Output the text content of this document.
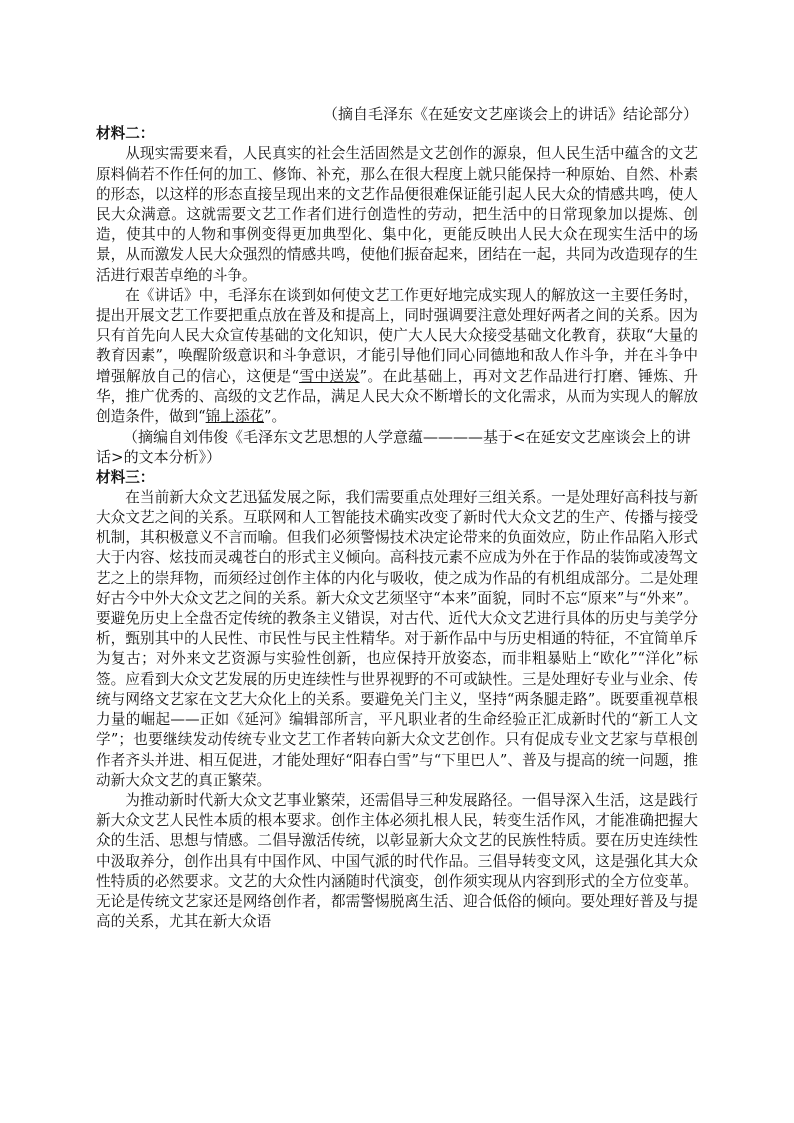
（摘自毛泽东《在延安文艺座谈会上的讲话》结论部分）

材料二：

从现实需要来看，人民真实的社会生活固然是文艺创作的源泉，但人民生活中蕴含的文艺原料倘若不作任何的加工、修饰、补充，那么在很大程度上就只能保持一种原始、自然、朴素的形态，以这样的形态直接呈现出来的文艺作品便很难保证能引起人民大众的情感共鸣，使人民大众满意。这就需要文艺工作者们进行创造性的劳动，把生活中的日常现象加以提炼、创造，使其中的人物和事例变得更加典型化、集中化，更能反映出人民大众在现实生活中的场景，从而激发人民大众强烈的情感共鸣，使他们振奋起来，团结在一起，共同为改造现存的生活进行艰苦卓绝的斗争。

在《讲话》中，毛泽东在谈到如何使文艺工作更好地完成实现人的解放这一主要任务时，提出开展文艺工作要把重点放在普及和提高上，同时强调要注意处理好两者之间的关系。因为只有首先向人民大众宣传基础的文化知识，使广大人民大众接受基础文化教育，获取“大量的教育因素”，唤醒阶级意识和斗争意识，才能引导他们同心同德地和敌人作斗争，并在斗争中增强解放自己的信心，这便是“雪中送炭”。在此基础上，再对文艺作品进行打磨、锤炼、升华，推广优秀的、高级的文艺作品，满足人民大众不断增长的文化需求，从而为实现人的解放创造条件，做到“锦上添花”。

（摘编自刘伟俊《毛泽东文艺思想的人学意蕴————基于<在延安文艺座谈会上的讲话>的文本分析》）

材料三：

在当前新大众文艺迅猛发展之际，我们需要重点处理好三组关系。一是处理好高科技与新大众文艺之间的关系。互联网和人工智能技术确实改变了新时代大众文艺的生产、传播与接受机制，其积极意义不言而喻。但我们必须警惕技术决定论带来的负面效应，防止作品陷入形式大于内容、炫技而灵魂苍白的形式主义倾向。高科技元素不应成为外在于作品的装饰或凌驾文艺之上的崇拜物，而须经过创作主体的内化与吸收，使之成为作品的有机组成部分。二是处理好古今中外大众文艺之间的关系。新大众文艺须坚守“本来”面貌，同时不忘“原来”与“外来”。要避免历史上全盘否定传统的教条主义错误，对古代、近代大众文艺进行具体的历史与美学分析，甄别其中的人民性、市民性与民主性精华。对于新作品中与历史相通的特征，不宜简单斥为复古；对外来文艺资源与实验性创新，也应保持开放姿态，而非粗暴贴上“欧化”“洋化”标签。应看到大众文艺发展的历史连续性与世界视野的不可或缺性。三是处理好专业与业余、传统与网络文艺家在文艺大众化上的关系。要避免关门主义，坚持“两条腿走路”。既要重视草根力量的崛起——正如《延河》编辑部所言，平凡职业者的生命经验正汇成新时代的“新工人文学”；也要继续发动传统专业文艺工作者转向新大众文艺创作。只有促成专业文艺家与草根创作者齐头并进、相互促进，才能处理好“阳春白雪”与“下里巴人”、普及与提高的统一问题，推动新大众文艺的真正繁荣。

为推动新时代新大众文艺事业繁荣，还需倡导三种发展路径。一倡导深入生活，这是践行新大众文艺人民性本质的根本要求。创作主体必须扎根人民，转变生活作风，才能准确把握大众的生活、思想与情感。二倡导激活传统，以彰显新大众文艺的民族性特质。要在历史连续性中汲取养分，创作出具有中国作风、中国气派的时代作品。三倡导转变文风，这是强化其大众性特质的必然要求。文艺的大众性内涵随时代演变，创作须实现从内容到形式的全方位变革。无论是传统文艺家还是网络创作者，都需警惕脱离生活、迎合低俗的倾向。要处理好普及与提高的关系，尤其在新大众语
